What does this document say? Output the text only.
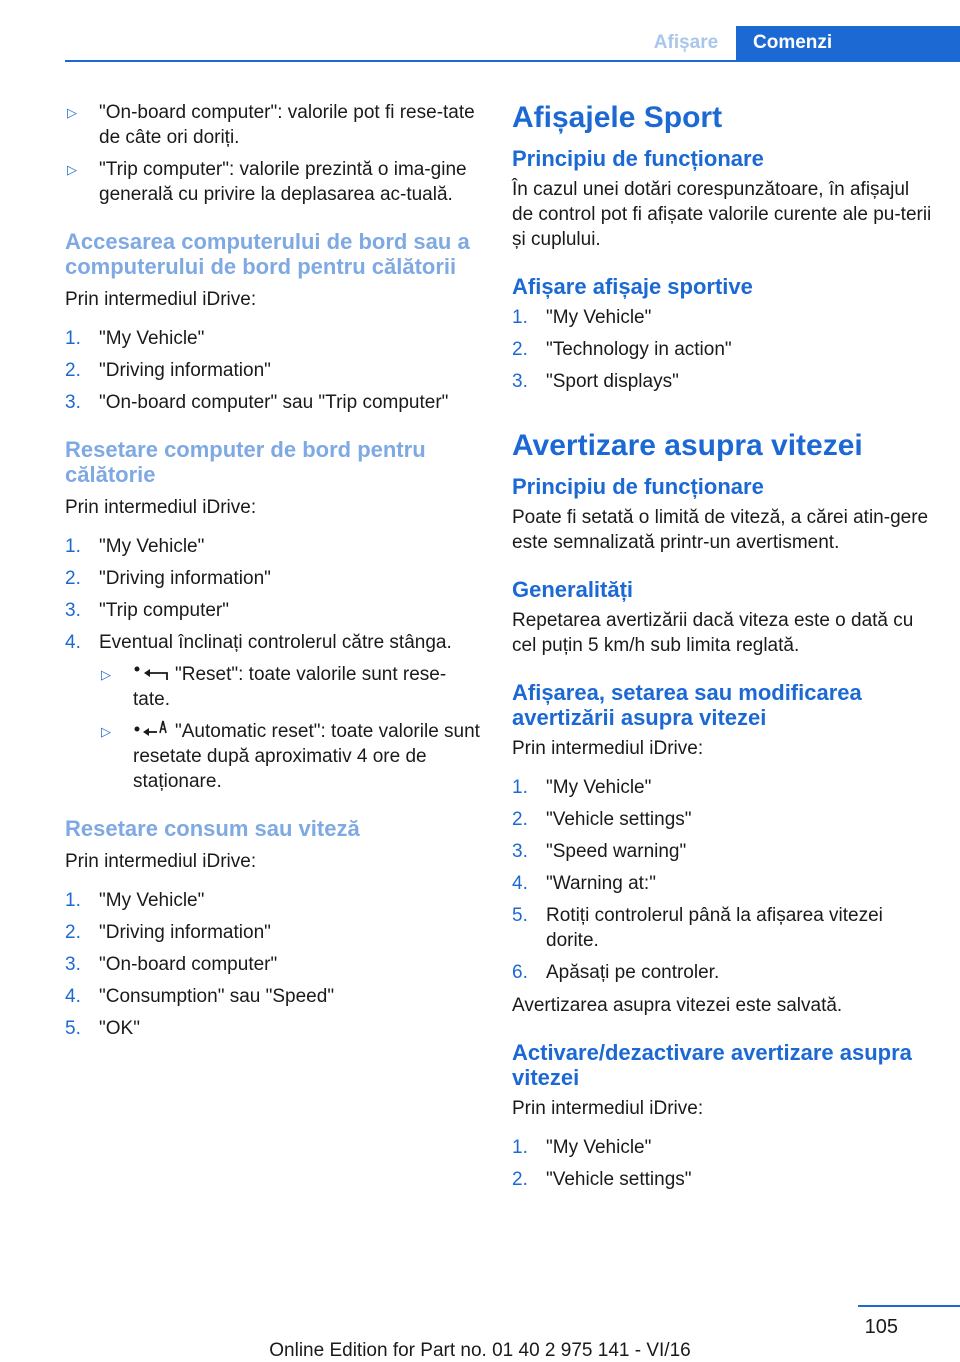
Afișare	Comenzi
▷ "On-board computer": valorile pot fi rese-tate de câte ori doriți.
▷ "Trip computer": valorile prezintă o ima-gine generală cu privire la deplasarea ac-tuală.
Accesarea computerului de bord sau a computerului de bord pentru călătorii

Prin intermediul iDrive:

1. "My Vehicle"
2. "Driving information"
3. "On-board computer" sau "Trip computer"
Resetare computer de bord pentru călătorie

Prin intermediul iDrive:

1. "My Vehicle"
2. "Driving information"
3. "Trip computer"
4. Eventual înclinați controlerul către stânga.
▷	"Reset": toate valorile sunt rese-tate.
▷	"Automatic reset": toate valorile sunt resetate după aproximativ 4 ore de staționare.
Resetare consum sau viteză

Prin intermediul iDrive:

1. "My Vehicle"
2. "Driving information"
3. "On-board computer"
4. "Consumption" sau "Speed"
5. "OK"
Afișajele Sport
Principiu de funcționare

În cazul unei dotări corespunzătoare, în afișajul de control pot fi afișate valorile curente ale pu-terii și cuplului.

Afișare afișaje sportive
1. "My Vehicle"
2. "Technology in action"
3. "Sport displays"
Avertizare asupra vitezei
Principiu de funcționare

Poate fi setată o limită de viteză, a cărei atin-gere este semnalizată printr-un avertisment.

Generalități

Repetarea avertizării dacă viteza este o dată cu cel puțin 5 km/h sub limita reglată.

Afișarea, setarea sau modificarea avertizării asupra vitezei

Prin intermediul iDrive:

1. "My Vehicle"
2. "Vehicle settings"
3. "Speed warning"
4. "Warning at:"
5. Rotiți controlerul până la afișarea vitezei dorite.
6. Apăsați pe controler.

Avertizarea asupra vitezei este salvată.

Activare/dezactivare avertizare asupra vitezei

Prin intermediul iDrive:

1. "My Vehicle"
2. "Vehicle settings"
105
Online Edition for Part no. 01 40 2 975 141 - VI/16
